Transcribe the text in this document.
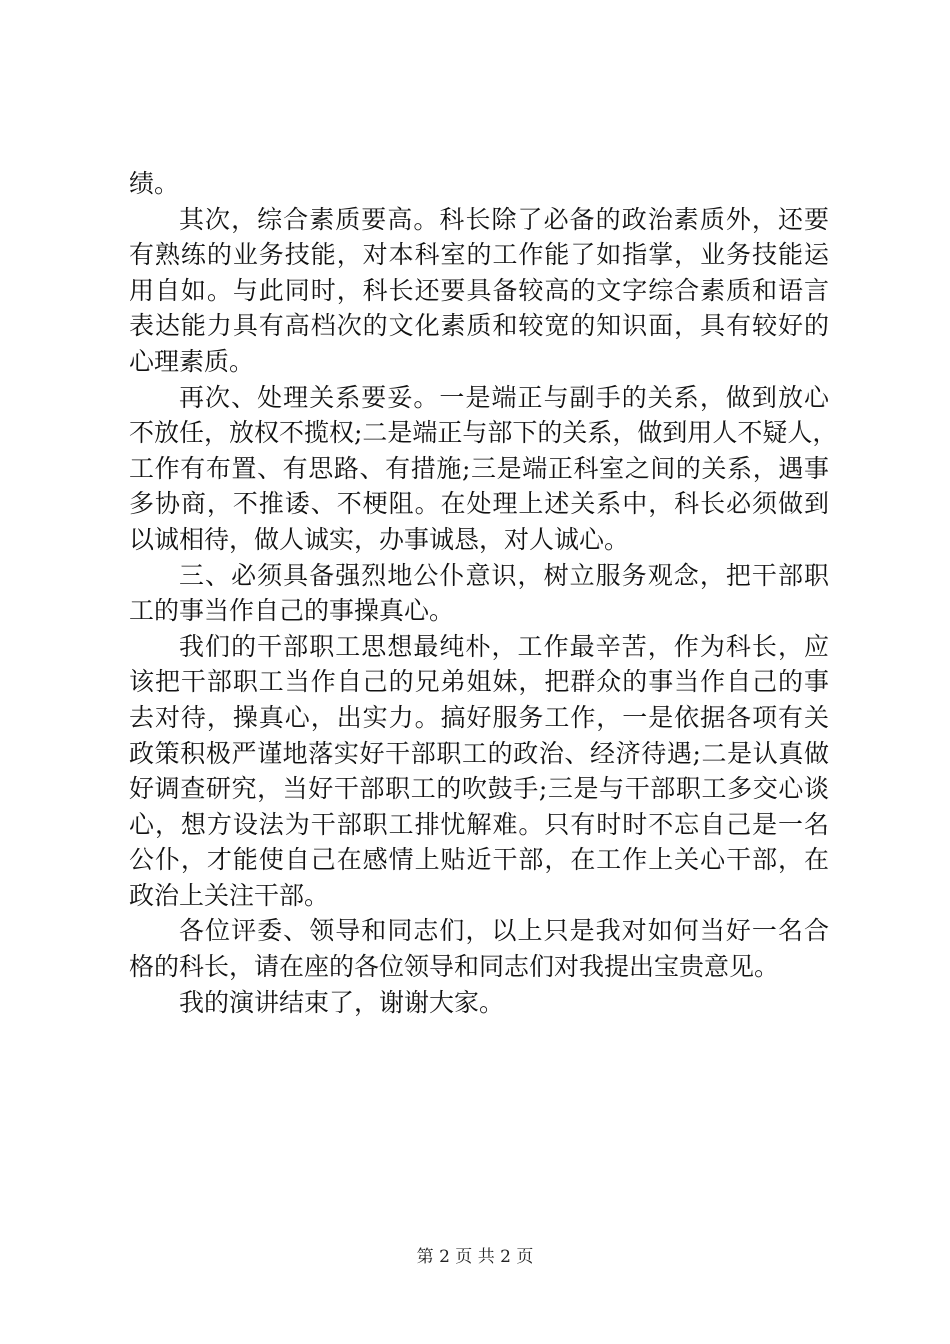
绩。
其次，综合素质要高。科长除了必备的政治素质外，还要
有熟练的业务技能，对本科室的工作能了如指掌，业务技能运
用自如。与此同时，科长还要具备较高的文字综合素质和语言
表达能力具有高档次的文化素质和较宽的知识面，具有较好的
心理素质。
再次、处理关系要妥。一是端正与副手的关系，做到放心
不放任，放权不揽权;二是端正与部下的关系，做到用人不疑人，
工作有布置、有思路、有措施;三是端正科室之间的关系，遇事
多协商，不推诿、不梗阻。在处理上述关系中，科长必须做到
以诚相待，做人诚实，办事诚恳，对人诚心。
三、必须具备强烈地公仆意识，树立服务观念，把干部职
工的事当作自己的事操真心。
我们的干部职工思想最纯朴，工作最辛苦，作为科长，应
该把干部职工当作自己的兄弟姐妹，把群众的事当作自己的事
去对待，操真心，出实力。搞好服务工作，一是依据各项有关
政策积极严谨地落实好干部职工的政治、经济待遇;二是认真做
好调查研究，当好干部职工的吹鼓手;三是与干部职工多交心谈
心，想方设法为干部职工排忧解难。只有时时不忘自己是一名
公仆，才能使自己在感情上贴近干部，在工作上关心干部，在
政治上关注干部。
各位评委、领导和同志们，以上只是我对如何当好一名合
格的科长，请在座的各位领导和同志们对我提出宝贵意见。
我的演讲结束了，谢谢大家。
第 2 页 共 2 页
